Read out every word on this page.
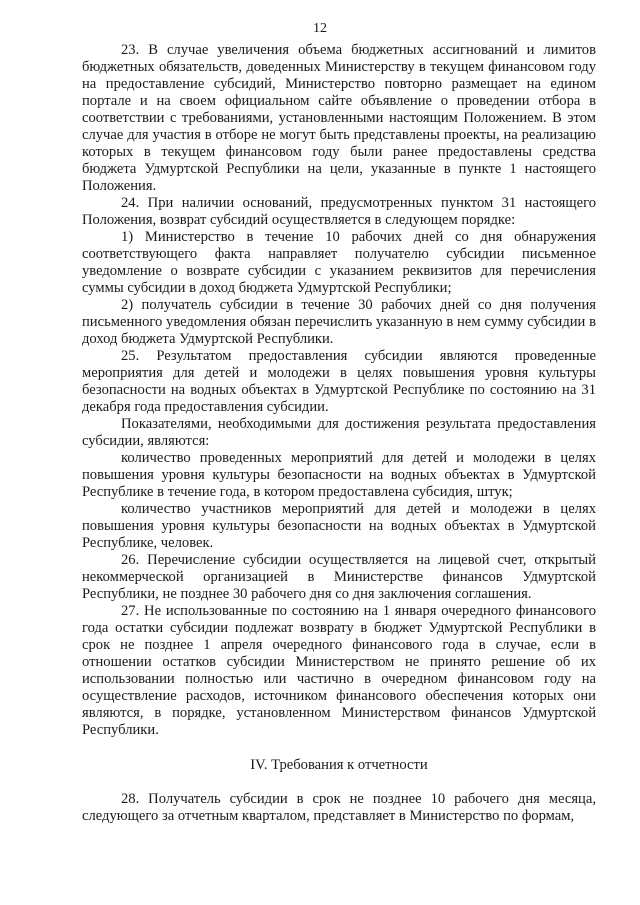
12

23. В случае увеличения объема бюджетных ассигнований и лимитов бюджетных обязательств, доведенных Министерству в текущем финансовом году на предоставление субсидий, Министерство повторно размещает на едином портале и на своем официальном сайте объявление о проведении отбора в соответствии с требованиями, установленными настоящим Положением. В этом случае для участия в отборе не могут быть представлены проекты, на реализацию которых в текущем финансовом году были ранее предоставлены средства бюджета Удмуртской Республики на цели, указанные в пункте 1 настоящего Положения.

24. При наличии оснований, предусмотренных пунктом 31 настоящего Положения, возврат субсидий осуществляется в следующем порядке:

1) Министерство в течение 10 рабочих дней со дня обнаружения соответствующего факта направляет получателю субсидии письменное уведомление о возврате субсидии с указанием реквизитов для перечисления суммы субсидии в доход бюджета Удмуртской Республики;

2) получатель субсидии в течение 30 рабочих дней со дня получения письменного уведомления обязан перечислить указанную в нем сумму субсидии в доход бюджета Удмуртской Республики.

25. Результатом предоставления субсидии являются проведенные мероприятия для детей и молодежи в целях повышения уровня культуры безопасности на водных объектах в Удмуртской Республике по состоянию на 31 декабря года предоставления субсидии.

Показателями, необходимыми для достижения результата предоставления субсидии, являются:

количество проведенных мероприятий для детей и молодежи в целях повышения уровня культуры безопасности на водных объектах в Удмуртской Республике в течение года, в котором предоставлена субсидия, штук;

количество участников мероприятий для детей и молодежи в целях повышения уровня культуры безопасности на водных объектах в Удмуртской Республике, человек.

26. Перечисление субсидии осуществляется на лицевой счет, открытый некоммерческой организацией в Министерстве финансов Удмуртской Республики, не позднее 30 рабочего дня со дня заключения соглашения.

27. Не использованные по состоянию на 1 января очередного финансового года остатки субсидии подлежат возврату в бюджет Удмуртской Республики в срок не позднее 1 апреля очередного финансового года в случае, если в отношении остатков субсидии Министерством не принято решение об их использовании полностью или частично в очередном финансовом году на осуществление расходов, источником финансового обеспечения которых они являются, в порядке, установленном Министерством финансов Удмуртской Республики.

IV. Требования к отчетности

28. Получатель субсидии в срок не позднее 10 рабочего дня месяца, следующего за отчетным кварталом, представляет в Министерство по формам,
